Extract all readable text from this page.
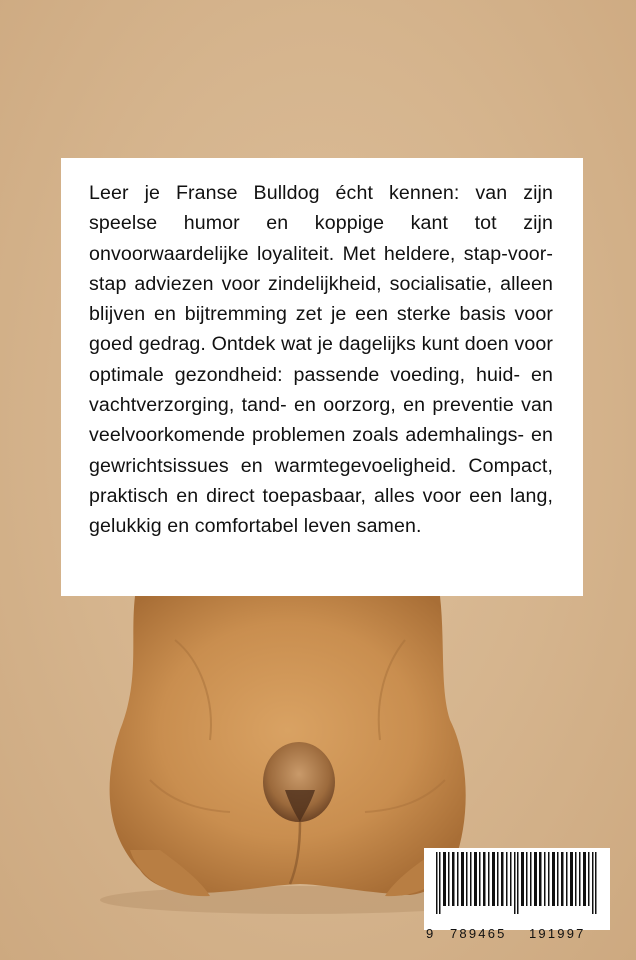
Leer je Franse Bulldog écht kennen: van zijn speelse humor en koppige kant tot zijn onvoorwaardelijke loyaliteit. Met heldere, stap-voor-stap adviezen voor zindelijkheid, socialisatie, alleen blijven en bijtremming zet je een sterke basis voor goed gedrag. Ontdek wat je dagelijks kunt doen voor optimale gezondheid: passende voeding, huid- en vachtverzorging, tand- en oorzorg, en preventie van veelvoorkomende problemen zoals ademhalings- en gewrichtsissues en warmtegevoeligheid. Compact, praktisch en direct toepasbaar, alles voor een lang, gelukkig en comfortabel leven samen.

9 789465 191997
